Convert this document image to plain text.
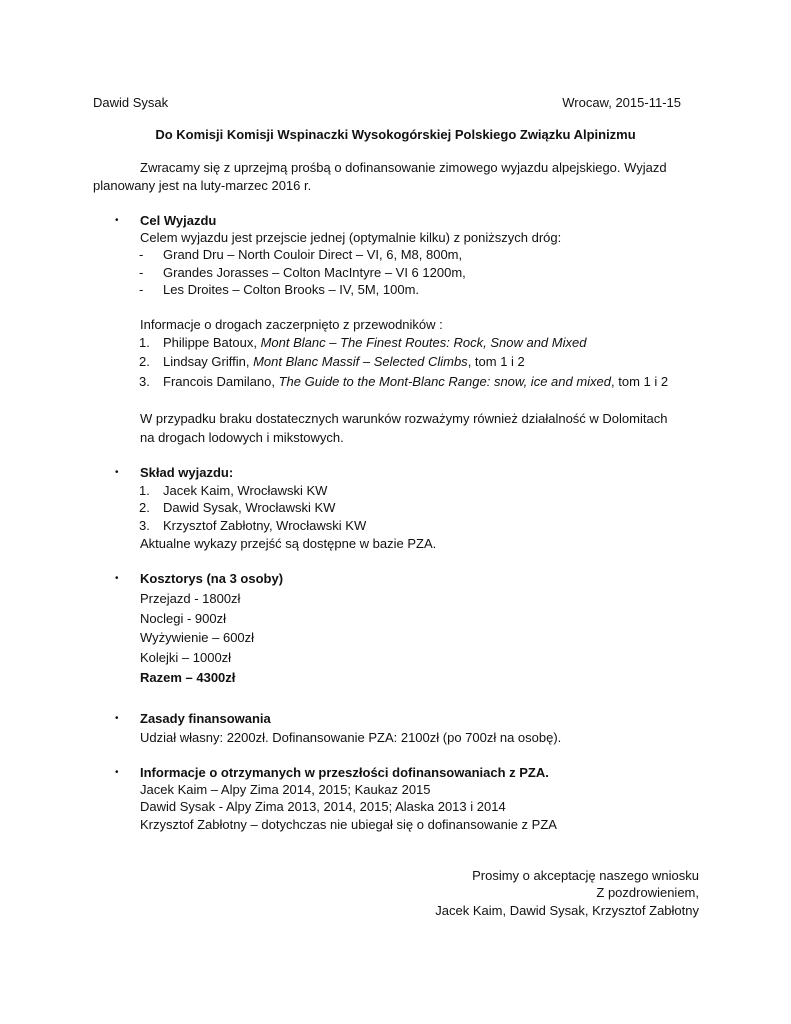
Dawid Sysak	Wrocaw, 2015-11-15
Do Komisji Komisji Wspinaczki Wysokogórskiej Polskiego Związku Alpinizmu
Zwracamy się z uprzejmą prośbą o dofinansowanie zimowego wyjazdu alpejskiego. Wyjazd
planowany jest na luty-marzec 2016 r.
• Cel Wyjazdu
Celem wyjazdu jest przejscie jednej (optymalnie kilku) z poniższych dróg:
- Grand Dru – North Couloir Direct – VI, 6, M8, 800m,
- Grandes Jorasses – Colton MacIntyre – VI 6 1200m,
- Les Droites – Colton Brooks – IV, 5M, 100m.
Informacje o drogach zaczerpnięto z przewodników :
1. Philippe Batoux, Mont Blanc – The Finest Routes: Rock, Snow and Mixed
2. Lindsay Griffin, Mont Blanc Massif – Selected Climbs, tom 1 i 2
3. Francois Damilano, The Guide to the Mont-Blanc Range: snow, ice and mixed, tom 1 i 2
W przypadku braku dostatecznych warunków rozważymy również działalność w Dolomitach
na drogach lodowych i mikstowych.
• Skład wyjazdu:
1. Jacek Kaim, Wrocławski KW
2. Dawid Sysak, Wrocławski KW
3. Krzysztof Zabłotny, Wrocławski KW
Aktualne wykazy przejść są dostępne w bazie PZA.
• Kosztorys (na 3 osoby)
Przejazd - 1800zł
Noclegi - 900zł
Wyżywienie – 600zł
Kolejki – 1000zł
Razem – 4300zł
• Zasady finansowania
Udział własny: 2200zł. Dofinansowanie PZA: 2100zł (po 700zł na osobę).
• Informacje o otrzymanych w przeszłości dofinansowaniach z PZA.
Jacek Kaim – Alpy Zima 2014, 2015; Kaukaz 2015
Dawid Sysak - Alpy Zima 2013, 2014, 2015; Alaska 2013 i 2014
Krzysztof Zabłotny – dotychczas nie ubiegał się o dofinansowanie z PZA
Prosimy o akceptację naszego wniosku
Z pozdrowieniem,
Jacek Kaim, Dawid Sysak, Krzysztof Zabłotny
